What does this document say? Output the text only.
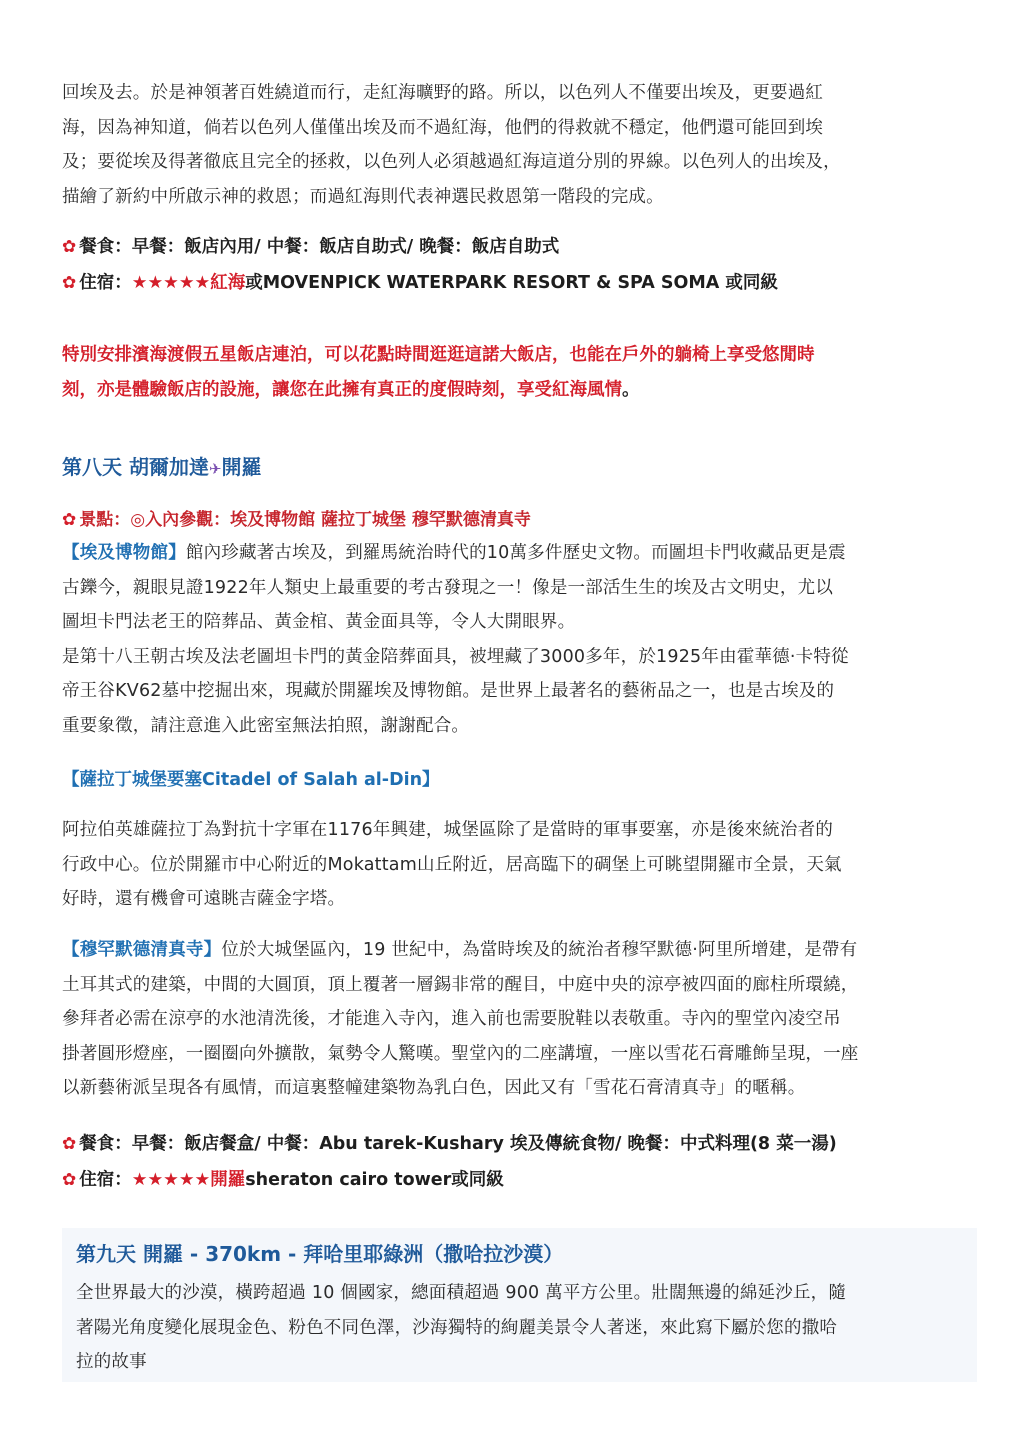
回埃及去。於是神領著百姓繞道而行，走紅海曠野的路。所以，以色列人不僅要出埃及，更要過紅
海，因為神知道，倘若以色列人僅僅出埃及而不過紅海，他們的得救就不穩定，他們還可能回到埃
及；要從埃及得著徹底且完全的拯救，以色列人必須越過紅海這道分別的界線。以色列人的出埃及，
描繪了新約中所啟示神的救恩；而過紅海則代表神選民救恩第一階段的完成。
✿ 餐食：早餐：飯店內用/ 中餐：飯店自助式/ 晚餐：飯店自助式
✿ 住宿：★★★★★紅海或MOVENPICK WATERPARK RESORT & SPA SOMA 或同級
特別安排濱海渡假五星飯店連泊，可以花點時間逛逛這諾大飯店，也能在戶外的躺椅上享受悠閒時
刻，亦是體驗飯店的設施，讓您在此擁有真正的度假時刻，享受紅海風情。
第八天 胡爾加達✈開羅
✿ 景點：◎入內參觀：埃及博物館 薩拉丁城堡 穆罕默德清真寺
【埃及博物館】館內珍藏著古埃及，到羅馬統治時代的10萬多件歷史文物。而圖坦卡門收藏品更是震
古鑠今，親眼見證1922年人類史上最重要的考古發現之一！像是一部活生生的埃及古文明史，尤以
圖坦卡門法老王的陪葬品、黃金棺、黃金面具等，令人大開眼界。
是第十八王朝古埃及法老圖坦卡門的黃金陪葬面具，被埋藏了3000多年，於1925年由霍華德·卡特從
帝王谷KV62墓中挖掘出來，現藏於開羅埃及博物館。是世界上最著名的藝術品之一，也是古埃及的
重要象徵，請注意進入此密室無法拍照，謝謝配合。
【薩拉丁城堡要塞Citadel of Salah al-Din】
阿拉伯英雄薩拉丁為對抗十字軍在1176年興建，城堡區除了是當時的軍事要塞，亦是後來統治者的
行政中心。位於開羅市中心附近的Mokattam山丘附近，居高臨下的碉堡上可眺望開羅市全景，天氣
好時，還有機會可遠眺吉薩金字塔。
【穆罕默德清真寺】位於大城堡區內，19 世紀中，為當時埃及的統治者穆罕默德·阿里所增建，是帶有
土耳其式的建築，中間的大圓頂，頂上覆著一層錫非常的醒目，中庭中央的涼亭被四面的廊柱所環繞，
參拜者必需在涼亭的水池清洗後，才能進入寺內，進入前也需要脫鞋以表敬重。寺內的聖堂內凌空吊
掛著圓形燈座，一圈圈向外擴散，氣勢令人驚嘆。聖堂內的二座講壇，一座以雪花石膏雕飾呈現，一座
以新藝術派呈現各有風情，而這裏整幢建築物為乳白色，因此又有「雪花石膏清真寺」的暱稱。
✿ 餐食：早餐：飯店餐盒/ 中餐：Abu tarek-Kushary 埃及傳統食物/ 晚餐：中式料理(8 菜一湯)
✿ 住宿：★★★★★開羅sheraton cairo tower或同級
第九天 開羅 - 370km - 拜哈里耶綠洲（撒哈拉沙漠）
全世界最大的沙漠，橫跨超過 10 個國家，總面積超過 900 萬平方公里。壯闊無邊的綿延沙丘，隨
著陽光角度變化展現金色、粉色不同色澤，沙海獨特的絢麗美景令人著迷，來此寫下屬於您的撒哈
拉的故事
